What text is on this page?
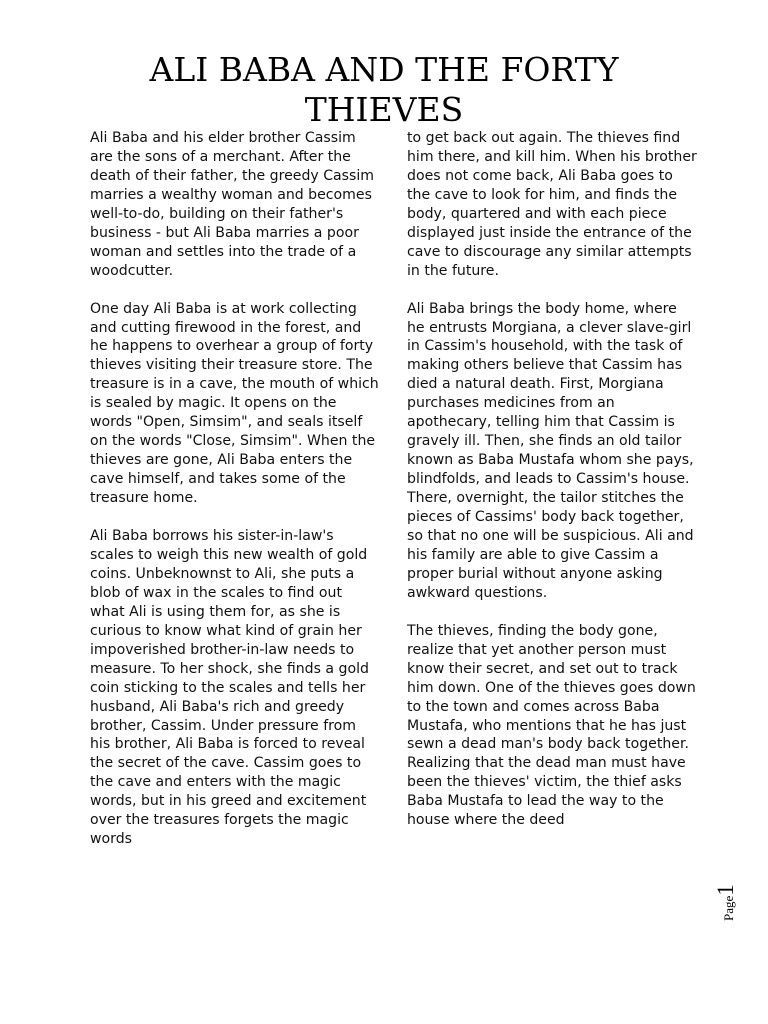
ALI BABA AND THE FORTY THIEVES

Ali Baba and his elder brother Cassim are the sons of a merchant. After the death of their father, the greedy Cassim marries a wealthy woman and becomes well-to-do, building on their father's business - but Ali Baba marries a poor woman and settles into the trade of a woodcutter.

One day Ali Baba is at work collecting and cutting firewood in the forest, and he happens to overhear a group of forty thieves visiting their treasure store. The treasure is in a cave, the mouth of which is sealed by magic. It opens on the words "Open, Simsim", and seals itself on the words "Close, Simsim". When the thieves are gone, Ali Baba enters the cave himself, and takes some of the treasure home.

Ali Baba borrows his sister-in-law's scales to weigh this new wealth of gold coins. Unbeknownst to Ali, she puts a blob of wax in the scales to find out what Ali is using them for, as she is curious to know what kind of grain her impoverished brother-in-law needs to measure. To her shock, she finds a gold coin sticking to the scales and tells her husband, Ali Baba's rich and greedy brother, Cassim. Under pressure from his brother, Ali Baba is forced to reveal the secret of the cave. Cassim goes to the cave and enters with the magic words, but in his greed and excitement over the treasures forgets the magic words

to get back out again. The thieves find him there, and kill him. When his brother does not come back, Ali Baba goes to the cave to look for him, and finds the body, quartered and with each piece displayed just inside the entrance of the cave to discourage any similar attempts in the future.

Ali Baba brings the body home, where he entrusts Morgiana, a clever slave-girl in Cassim's household, with the task of making others believe that Cassim has died a natural death. First, Morgiana purchases medicines from an apothecary, telling him that Cassim is gravely ill. Then, she finds an old tailor known as Baba Mustafa whom she pays, blindfolds, and leads to Cassim's house. There, overnight, the tailor stitches the pieces of Cassims' body back together, so that no one will be suspicious. Ali and his family are able to give Cassim a proper burial without anyone asking awkward questions.

The thieves, finding the body gone, realize that yet another person must know their secret, and set out to track him down. One of the thieves goes down to the town and comes across Baba Mustafa, who mentions that he has just sewn a dead man's body back together. Realizing that the dead man must have been the thieves' victim, the thief asks Baba Mustafa to lead the way to the house where the deed

Page1
